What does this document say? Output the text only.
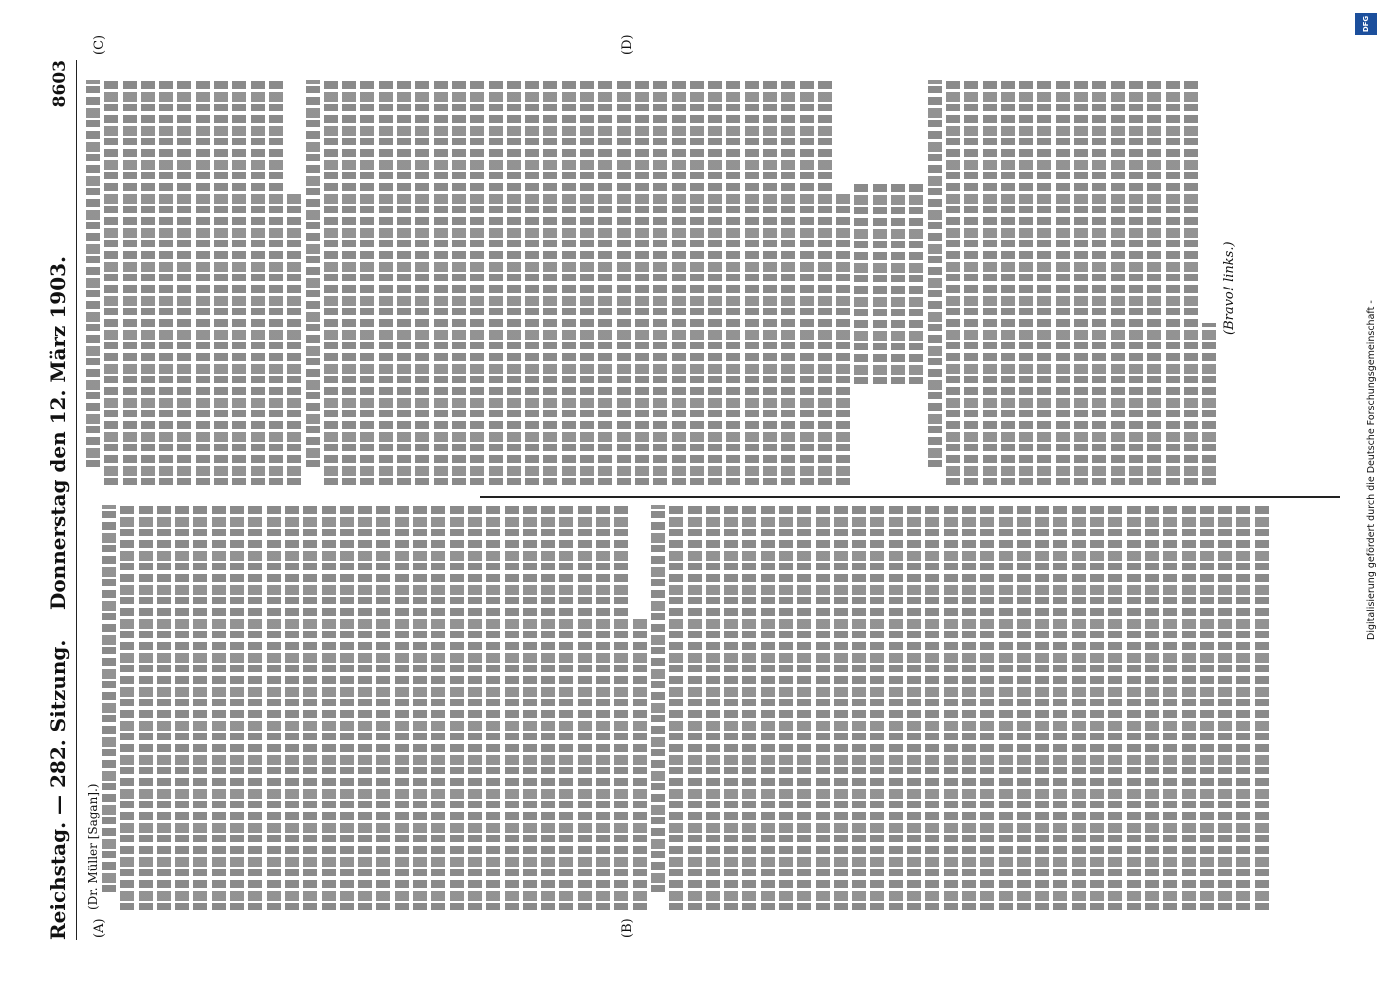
Reichstag. — 282. Sitzung.
Donnerstag den 12. März 1903.
8603
(A)	(B)
(C)	(D)
(Dr. Müller [Sagan].)
(Bravo! links.)
Digitalisierung gefördert durch die Deutsche Forschungsgemeinschaft -
DFG
